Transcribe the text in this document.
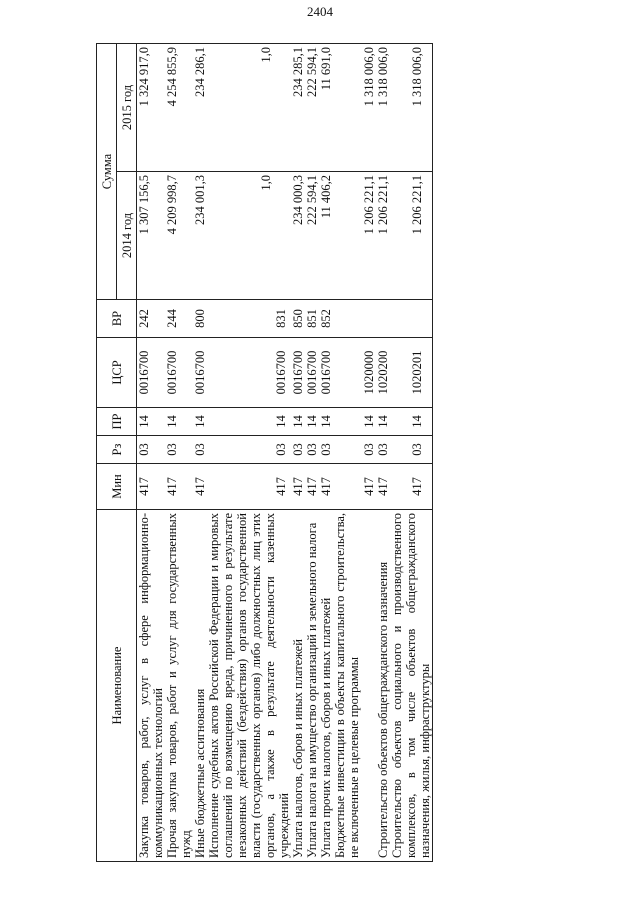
2404
Наименование	Мин	Рз	ПР	ЦСР	ВР	Сумма	
						2014 год	2015 год
Закупка товаров, работ, услуг в сфере информационно-коммуникационных технологий	417	03	14	0016700	242	1 307 156,5	1 324 917,0
Прочая закупка товаров, работ и услуг для государственных нужд	417	03	14	0016700	244	4 209 998,7	4 254 855,9
Иные бюджетные ассигнования	417	03	14	0016700	800	234 001,3	234 286,1
Исполнение судебных актов Российской Федерации и мировых соглашений по возмещению вреда, причиненного в результате незаконных действий (бездействия) органов государственной власти (государственных органов) либо должностных лиц этих органов, а также в результате деятельности казенных учреждений	417	03	14	0016700	831	1,0	1,0
Уплата налогов, сборов и иных платежей	417	03	14	0016700	850	234 000,3	234 285,1
Уплата налога на имущество организаций и земельного налога	417	03	14	0016700	851	222 594,1	222 594,1
Уплата прочих налогов, сборов и иных платежей	417	03	14	0016700	852	11 406,2	11 691,0
Бюджетные инвестиции в объекты капитального строительства, не включенные в целевые программы	417	03	14	1020000		1 206 221,1	1 318 006,0
Строительство объектов общегражданского назначения	417	03	14	1020200		1 206 221,1	1 318 006,0
Строительство объектов социального и производственного комплексов, в том числе объектов общегражданского назначения, жилья, инфраструктуры	417	03	14	1020201		1 206 221,1	1 318 006,0
